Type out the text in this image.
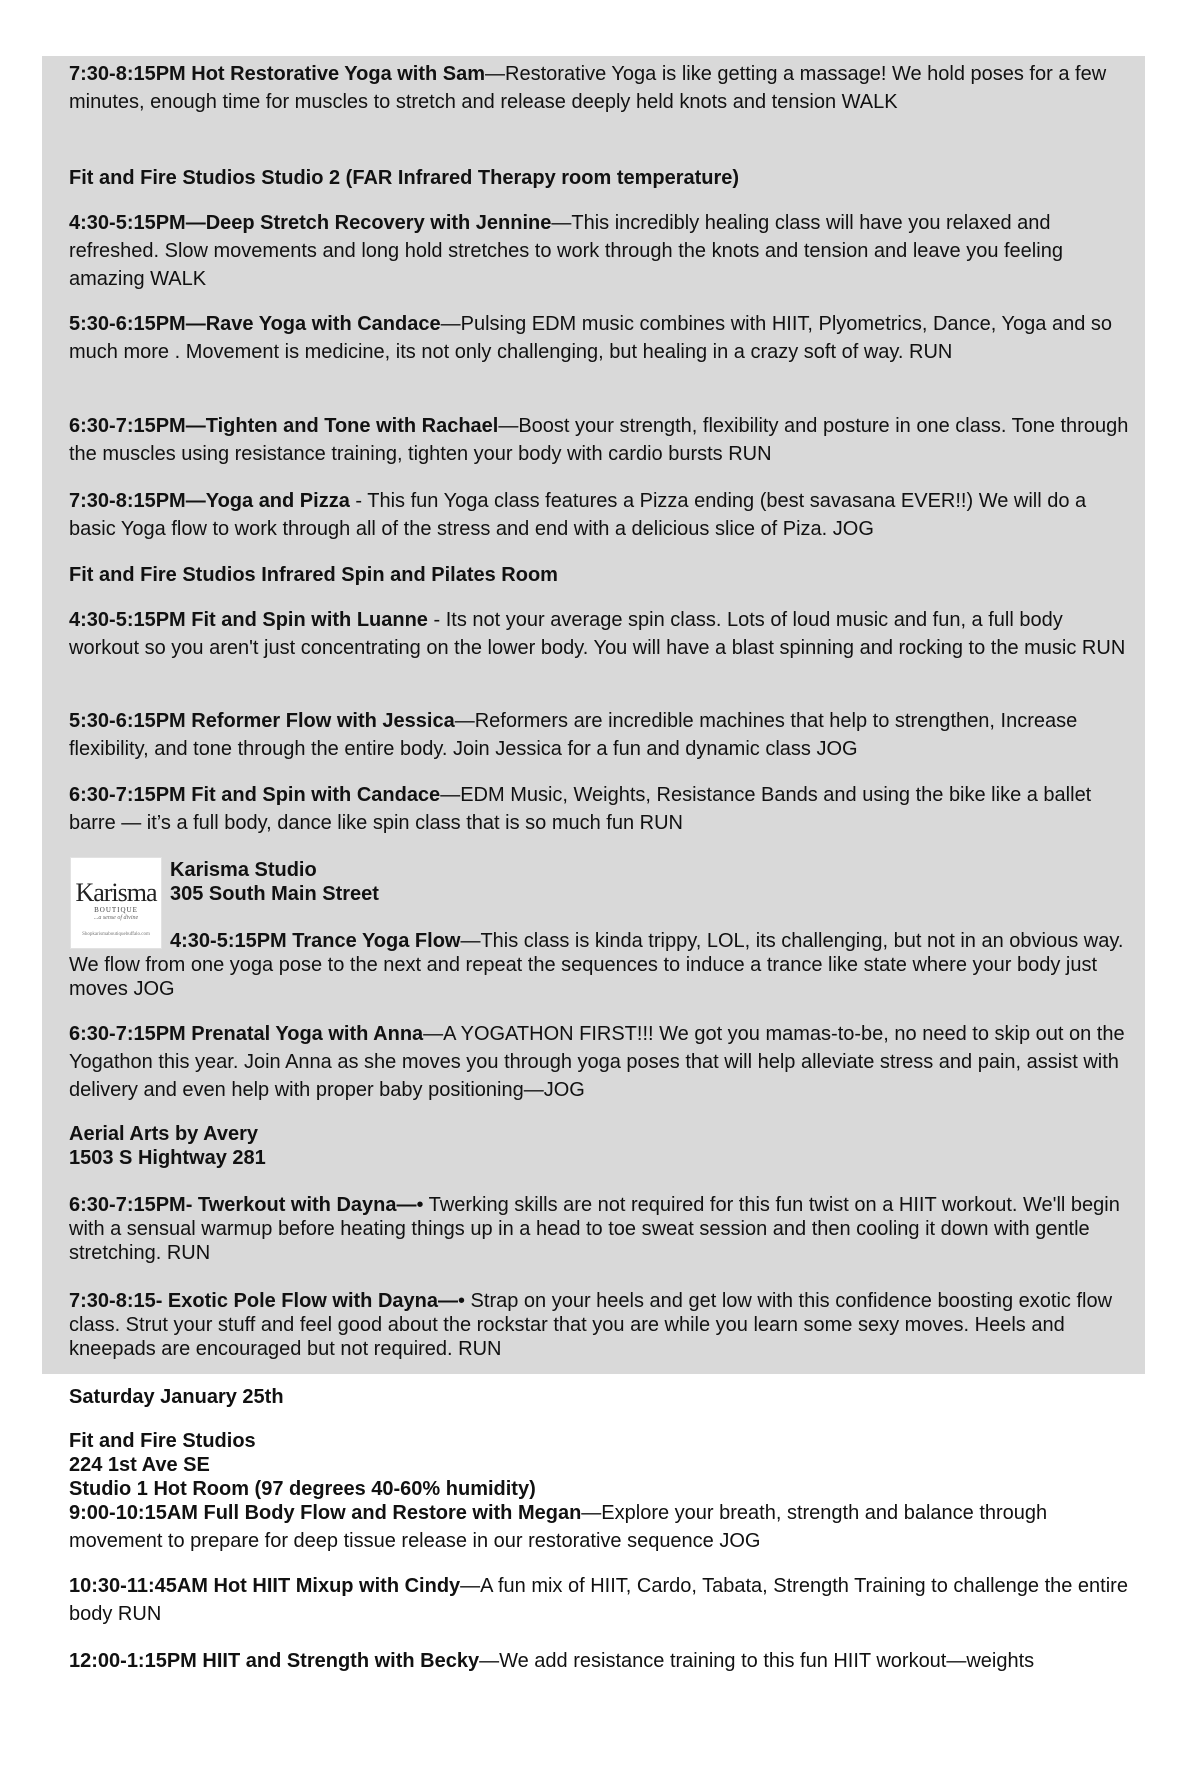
7:30-8:15PM Hot Restorative Yoga with Sam—Restorative Yoga is like getting a massage! We hold poses for a few minutes, enough time for muscles to stretch and release deeply held knots and tension WALK
Fit and Fire Studios Studio 2 (FAR Infrared Therapy room temperature)
4:30-5:15PM—Deep Stretch Recovery with Jennine—This incredibly healing class will have you relaxed and refreshed. Slow movements and long hold stretches to work through the knots and tension and leave you feeling amazing WALK
5:30-6:15PM—Rave Yoga with Candace—Pulsing EDM music combines with HIIT, Plyometrics, Dance, Yoga and so much more . Movement is medicine, its not only challenging, but healing in a crazy soft of way. RUN
6:30-7:15PM—Tighten and Tone with Rachael—Boost your strength, flexibility and posture in one class. Tone through the muscles using resistance training, tighten your body with cardio bursts RUN
7:30-8:15PM—Yoga and Pizza - This fun Yoga class features a Pizza ending (best savasana EVER!!) We will do a basic Yoga flow to work through all of the stress and end with a delicious slice of Piza. JOG
Fit and Fire Studios Infrared Spin and Pilates Room
4:30-5:15PM Fit and Spin with Luanne - Its not your average spin class. Lots of loud music and fun, a full body workout so you aren't just concentrating on the lower body. You will have a blast spinning and rocking to the music RUN
5:30-6:15PM Reformer Flow with Jessica—Reformers are incredible machines that help to strengthen, Increase flexibility, and tone through the entire body. Join Jessica for a fun and dynamic class JOG
6:30-7:15PM Fit and Spin with Candace—EDM Music, Weights, Resistance Bands and using the bike like a ballet barre — it’s a full body, dance like spin class that is so much fun RUN
Karisma
BOUTIQUE
...a sense of divine
Shopkarismaboutiquebuffalo.com
Karisma Studio
305 South Main Street
4:30-5:15PM Trance Yoga Flow—This class is kinda trippy, LOL, its challenging, but not in an obvious way. We flow from one yoga pose to the next and repeat the sequences to induce a trance like state where your body just moves JOG
6:30-7:15PM Prenatal Yoga with Anna—A YOGATHON FIRST!!! We got you mamas-to-be, no need to skip out on the Yogathon this year. Join Anna as she moves you through yoga poses that will help alleviate stress and pain, assist with delivery and even help with proper baby positioning—JOG
Aerial Arts by Avery
1503 S Hightway 281
6:30-7:15PM- Twerkout with Dayna—• Twerking skills are not required for this fun twist on a HIIT workout. We'll begin with a sensual warmup before heating things up in a head to toe sweat session and then cooling it down with gentle stretching. RUN
7:30-8:15- Exotic Pole Flow with Dayna—• Strap on your heels and get low with this confidence boosting exotic flow class. Strut your stuff and feel good about the rockstar that you are while you learn some sexy moves. Heels and kneepads are encouraged but not required. RUN
Saturday January 25th
Fit and Fire Studios
224 1st Ave SE
Studio 1 Hot Room (97 degrees 40-60% humidity)
9:00-10:15AM Full Body Flow and Restore with Megan—Explore your breath, strength and balance through movement to prepare for deep tissue release in our restorative sequence JOG
10:30-11:45AM Hot HIIT Mixup with Cindy—A fun mix of HIIT, Cardo, Tabata, Strength Training to challenge the entire body RUN
12:00-1:15PM HIIT and Strength with Becky—We add resistance training to this fun HIIT workout—weights
